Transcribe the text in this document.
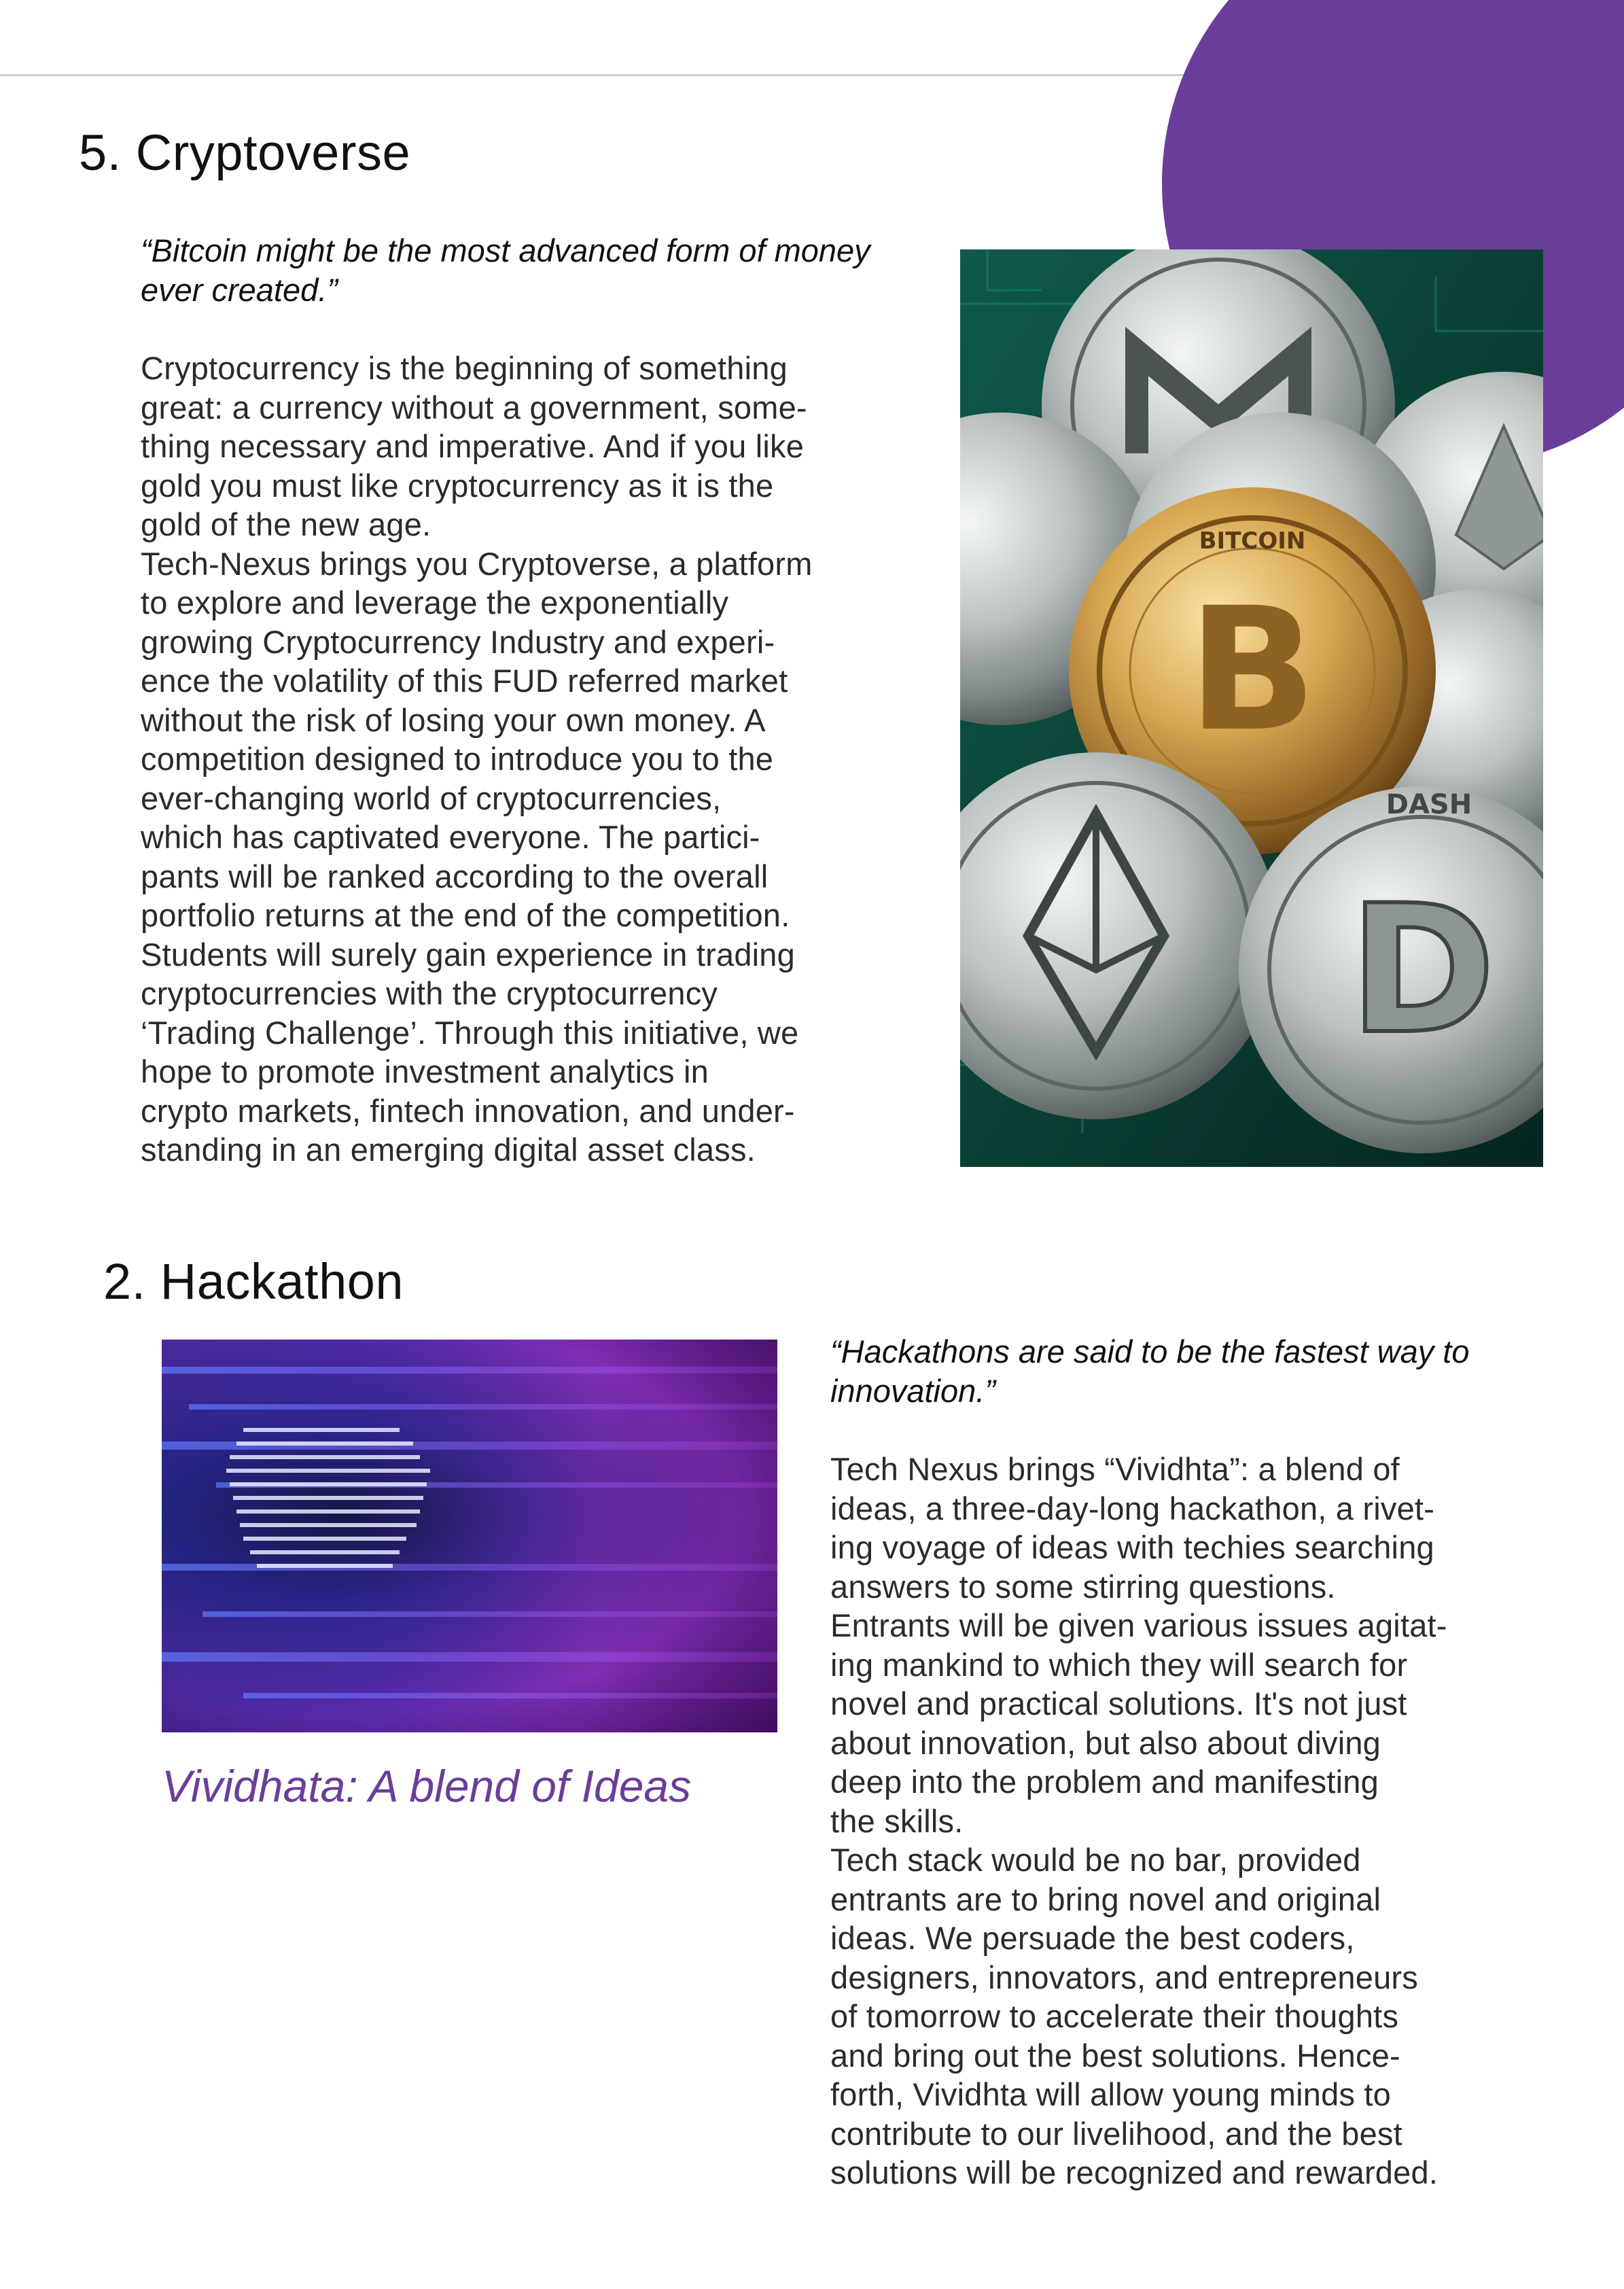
5. Cryptoverse

“Bitcoin might be the most advanced form of money ever created.”

Cryptocurrency is the beginning of something
great: a currency without a government, some-
thing necessary and imperative. And if you like
gold you must like cryptocurrency as it is the
gold of the new age.
Tech-Nexus brings you Cryptoverse, a platform
to explore and leverage the exponentially
growing Cryptocurrency Industry and experi-
ence the volatility of this FUD referred market
without the risk of losing your own money. A
competition designed to introduce you to the
ever-changing world of cryptocurrencies,
which has captivated everyone. The partici-
pants will be ranked according to the overall
portfolio returns at the end of the competition.
Students will surely gain experience in trading
cryptocurrencies with the cryptocurrency
‘Trading Challenge’. Through this initiative, we
hope to promote investment analytics in
crypto markets, fintech innovation, and under-
standing in an emerging digital asset class.

B
BITCOIN
D
DASH
2. Hackathon

Vividhata: A blend of Ideas

“Hackathons are said to be the fastest way to innovation.”

Tech Nexus brings “Vividhta”: a blend of
ideas, a three-day-long hackathon, a rivet-
ing voyage of ideas with techies searching
answers to some stirring questions.
Entrants will be given various issues agitat-
ing mankind to which they will search for
novel and practical solutions. It's not just
about innovation, but also about diving
deep into the problem and manifesting
the skills.
Tech stack would be no bar, provided
entrants are to bring novel and original
ideas. We persuade the best coders,
designers, innovators, and entrepreneurs
of tomorrow to accelerate their thoughts
and bring out the best solutions. Hence-
forth, Vividhta will allow young minds to
contribute to our livelihood, and the best
solutions will be recognized and rewarded.
